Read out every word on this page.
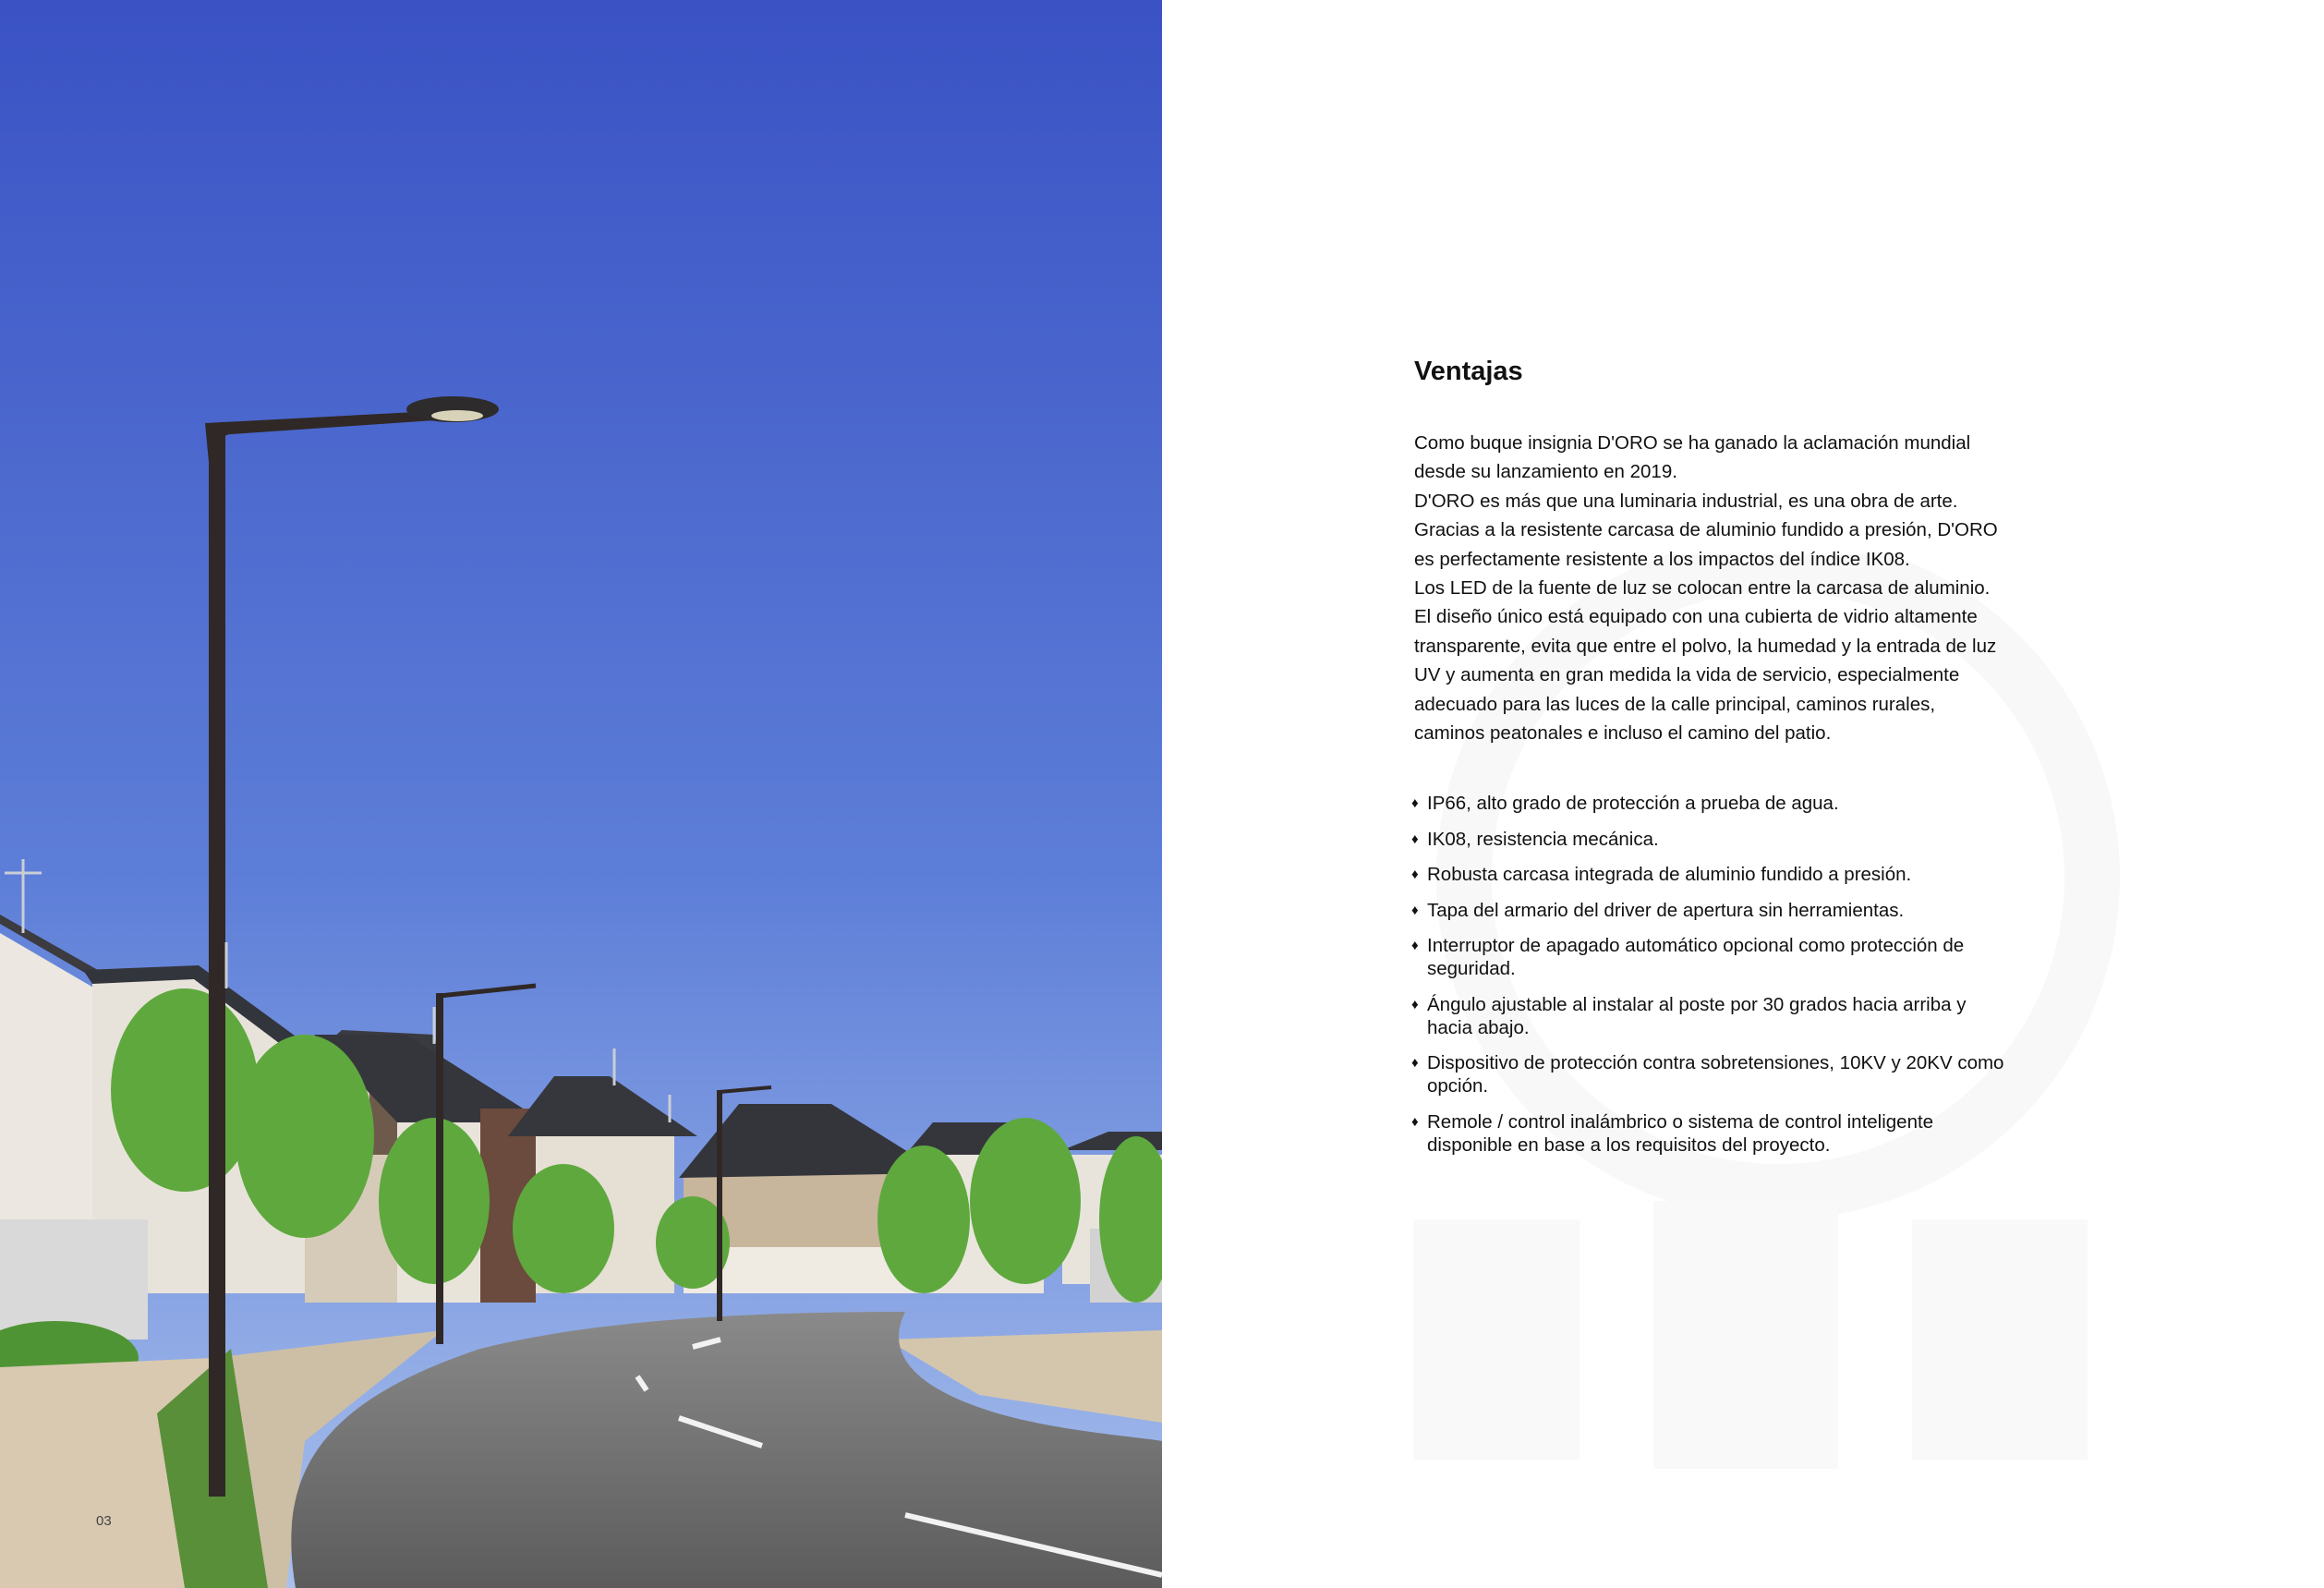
03
Ventajas
Como buque insignia D'ORO se ha ganado la aclamación mundial
desde su lanzamiento en 2019.
D'ORO es más que una luminaria industrial, es una obra de arte.
Gracias a la resistente carcasa de aluminio fundido a presión, D'ORO
es perfectamente resistente a los impactos del índice IK08.
Los LED de la fuente de luz se colocan entre la carcasa de aluminio.
El diseño único está equipado con una cubierta de vidrio altamente
transparente, evita que entre el polvo, la humedad y la entrada de luz
UV y aumenta en gran medida la vida de servicio, especialmente
adecuado para las luces de la calle principal, caminos rurales,
caminos peatonales e incluso el camino del patio.
♦ IP66, alto grado de protección a prueba de agua.
♦ IK08, resistencia mecánica.
♦ Robusta carcasa integrada de aluminio fundido a presión.
♦ Tapa del armario del driver de apertura sin herramientas.
♦ Interruptor de apagado automático opcional como protección de seguridad.
♦ Ángulo ajustable al instalar al poste por 30 grados hacia arriba y hacia abajo.
♦ Dispositivo de protección contra sobretensiones, 10KV y 20KV como opción.
♦ Remole / control inalámbrico o sistema de control inteligente disponible en base a los requisitos del proyecto.
